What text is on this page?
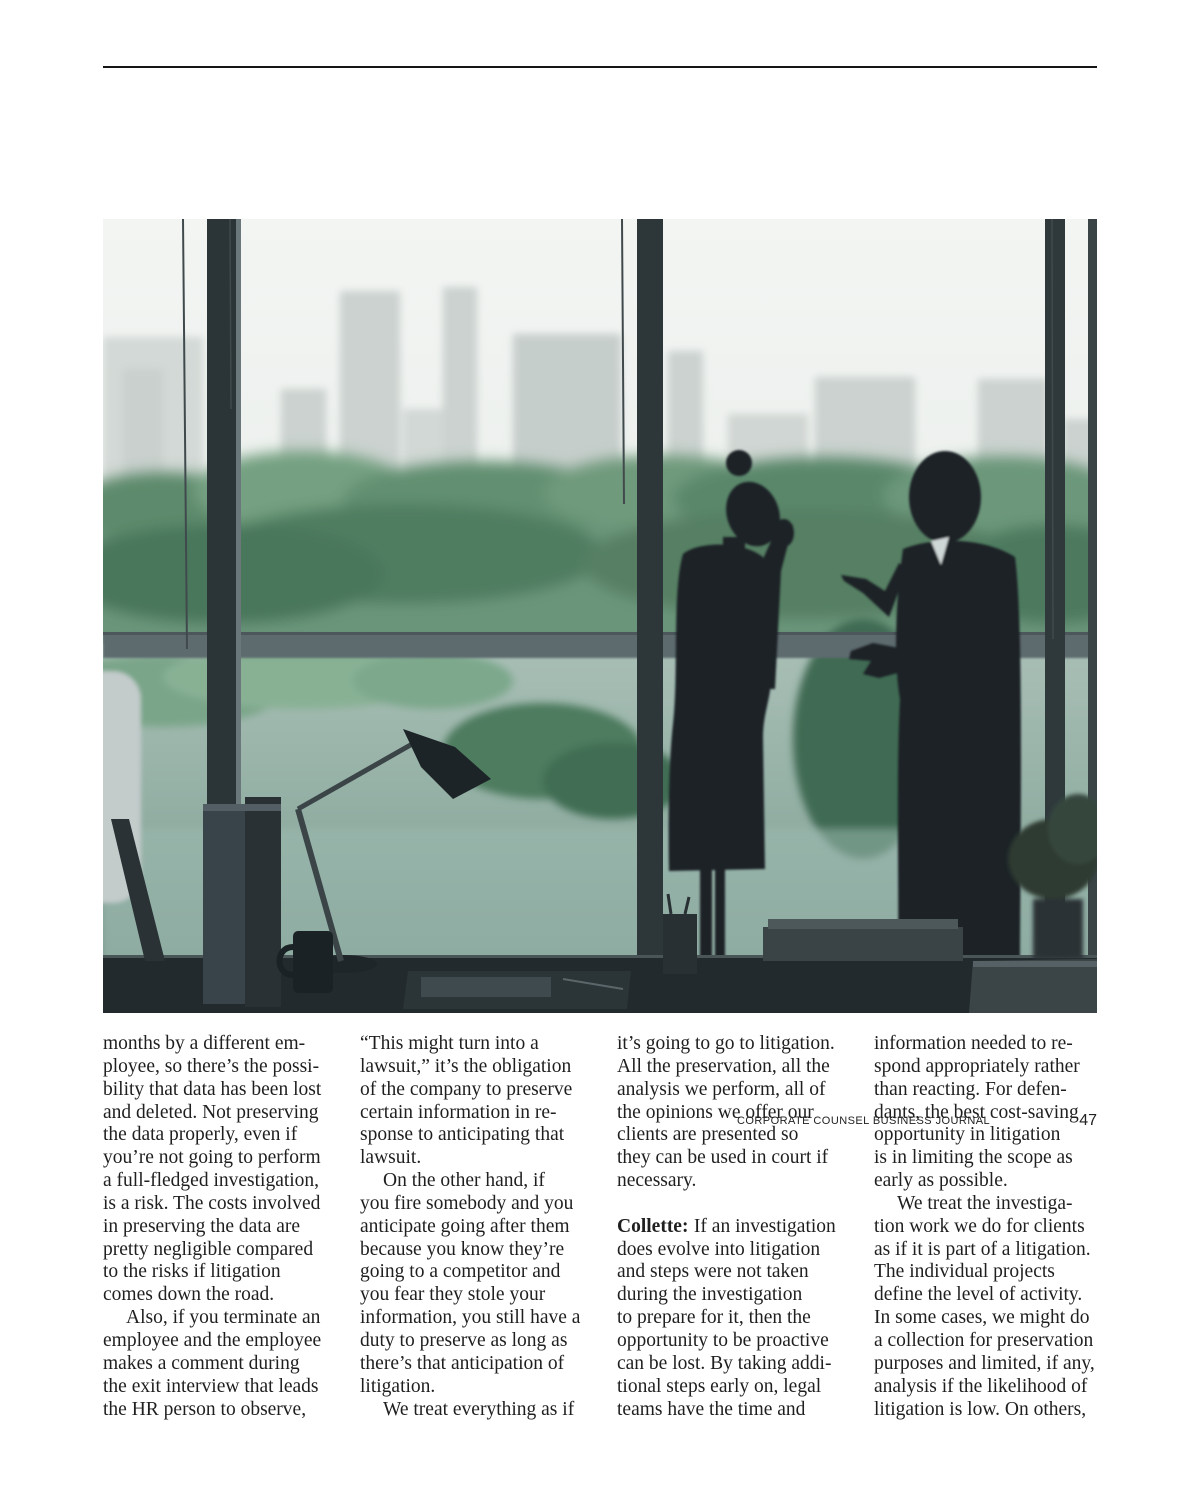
months by a different em-
ployee, so there’s the possi-
bility that data has been lost
and deleted. Not preserving
the data properly, even if
you’re not going to perform
a full-fledged investigation,
is a risk. The costs involved
in preserving the data are
pretty negligible compared
to the risks if litigation
comes down the road.
Also, if you terminate an
employee and the employee
makes a comment during
the exit interview that leads
the HR person to observe,
“This might turn into a
lawsuit,” it’s the obligation
of the company to preserve
certain information in re-
sponse to anticipating that
lawsuit.
On the other hand, if
you fire somebody and you
anticipate going after them
because you know they’re
going to a competitor and
you fear they stole your
information, you still have a
duty to preserve as long as
there’s that anticipation of
litigation.
We treat everything as if
it’s going to go to litigation.
All the preservation, all the
analysis we perform, all of
the opinions we offer our
clients are presented so
they can be used in court if
necessary.
Collette: If an investigation
does evolve into litigation
and steps were not taken
during the investigation
to prepare for it, then the
opportunity to be proactive
can be lost. By taking addi-
tional steps early on, legal
teams have the time and
information needed to re-
spond appropriately rather
than reacting. For defen-
dants, the best cost-saving
opportunity in litigation
is in limiting the scope as
early as possible.
We treat the investiga-
tion work we do for clients
as if it is part of a litigation.
The individual projects
define the level of activity.
In some cases, we might do
a collection for preservation
purposes and limited, if any,
analysis if the likelihood of
litigation is low. On others,
CORPORATE COUNSEL BUSINESS JOURNAL	47
